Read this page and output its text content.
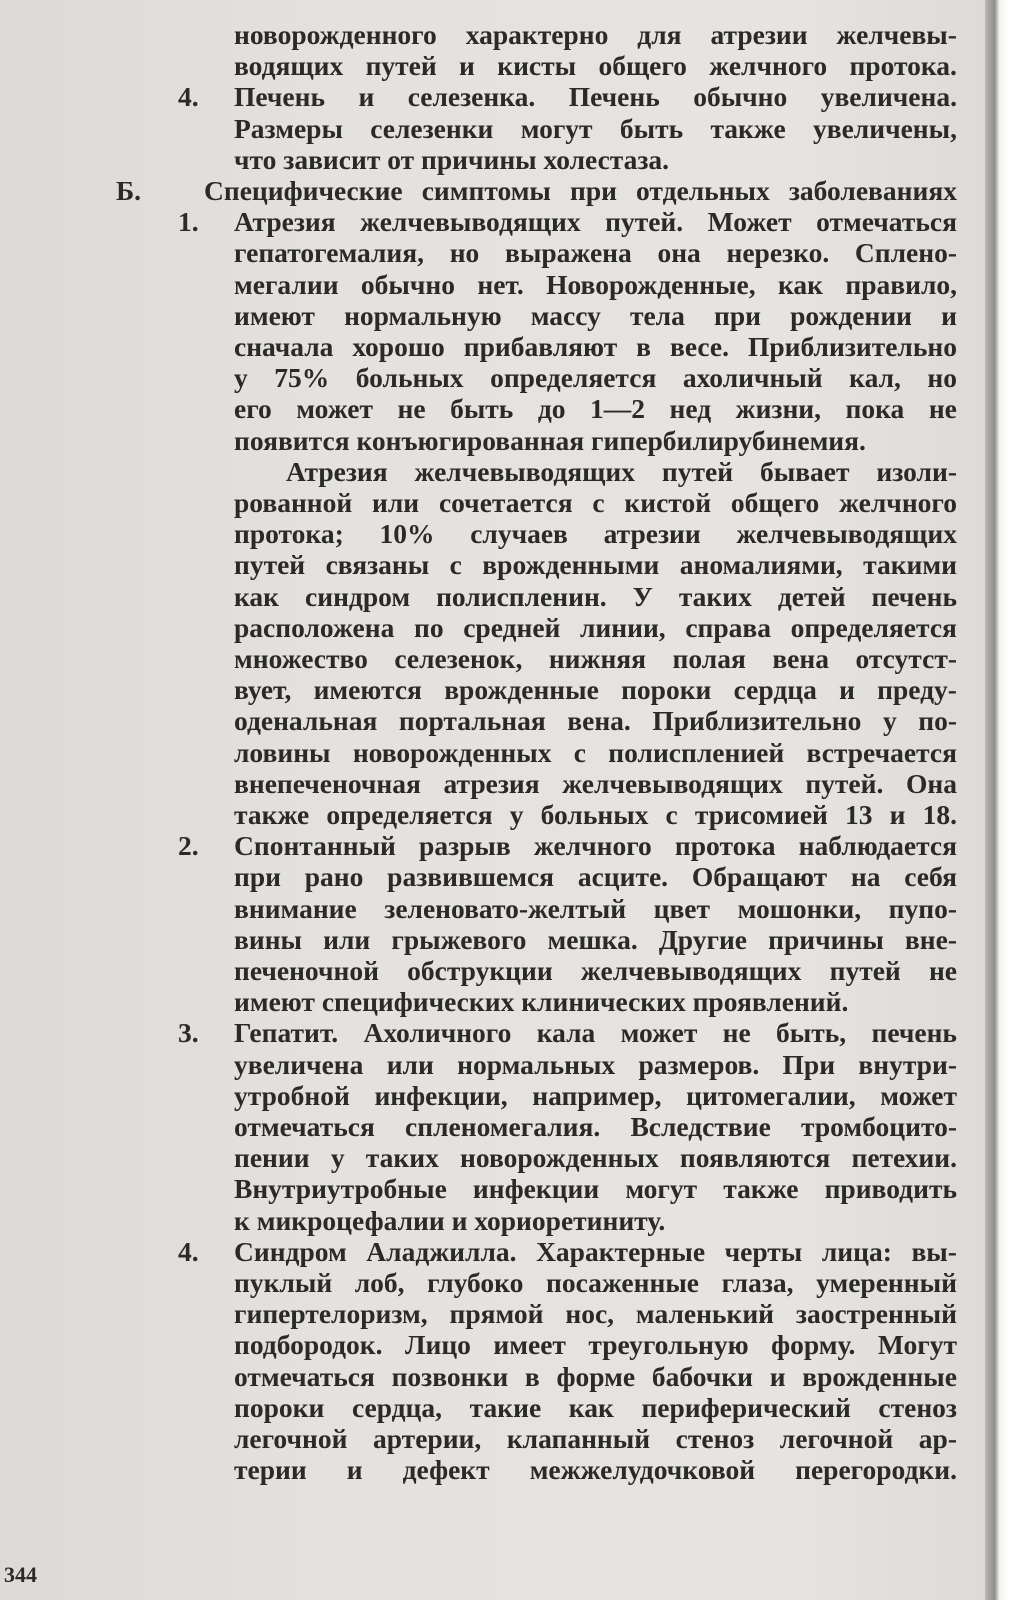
новорожденного характерно для атрезии желчевы-
водящих путей и кисты общего желчного протока.
4. Печень и селезенка. Печень обычно увеличена.
Размеры селезенки могут быть также увеличены,
что зависит от причины холестаза.
Б. Специфические симптомы при отдельных заболеваниях
1. Атрезия желчевыводящих путей. Может отмечаться
гепатогемалия, но выражена она нерезко. Сплено-
мегалии обычно нет. Новорожденные, как правило,
имеют нормальную массу тела при рождении и
сначала хорошо прибавляют в весе. Приблизительно
у 75% больных определяется ахоличный кал, но
его может не быть до 1—2 нед жизни, пока не
появится конъюгированная гипербилирубинемия.
Атрезия желчевыводящих путей бывает изоли-
рованной или сочетается с кистой общего желчного
протока; 10% случаев атрезии желчевыводящих
путей связаны с врожденными аномалиями, такими
как синдром полиспленин. У таких детей печень
расположена по средней линии, справа определяется
множество селезенок, нижняя полая вена отсутст-
вует, имеются врожденные пороки сердца и преду-
оденальная портальная вена. Приблизительно у по-
ловины новорожденных с полиспленией встречается
внепеченочная атрезия желчевыводящих путей. Она
также определяется у больных с трисомией 13 и 18.
2. Спонтанный разрыв желчного протока наблюдается
при рано развившемся асците. Обращают на себя
внимание зеленовато-желтый цвет мошонки, пупо-
вины или грыжевого мешка. Другие причины вне-
печеночной обструкции желчевыводящих путей не
имеют специфических клинических проявлений.
3. Гепатит. Ахоличного кала может не быть, печень
увеличена или нормальных размеров. При внутри-
утробной инфекции, например, цитомегалии, может
отмечаться спленомегалия. Вследствие тромбоцито-
пении у таких новорожденных появляются петехии.
Внутриутробные инфекции могут также приводить
к микроцефалии и хориоретиниту.
4. Синдром Аладжилла. Характерные черты лица: вы-
пуклый лоб, глубоко посаженные глаза, умеренный
гипертелоризм, прямой нос, маленький заостренный
подбородок. Лицо имеет треугольную форму. Могут
отмечаться позвонки в форме бабочки и врожденные
пороки сердца, такие как периферический стеноз
легочной артерии, клапанный стеноз легочной ар-
терии и дефект межжелудочковой перегородки.
344
